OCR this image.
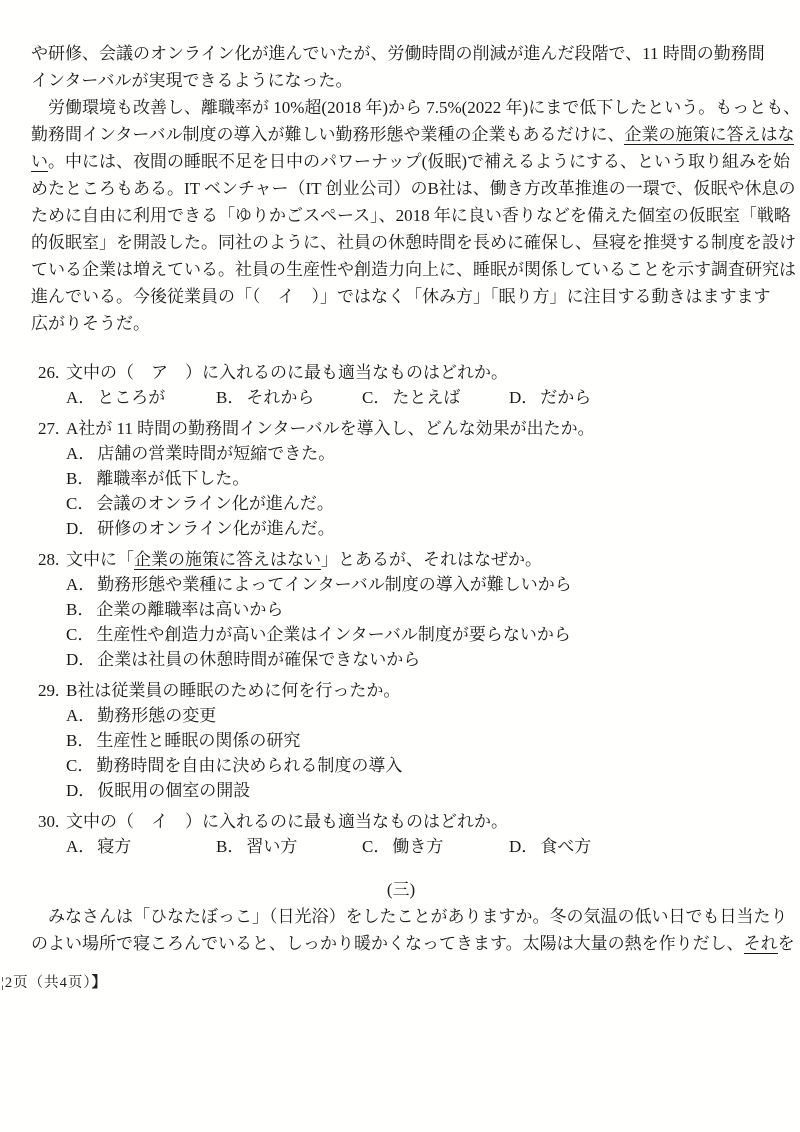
や研修、会議のオンライン化が進んでいたが、労働時間の削減が進んだ段階で、11 時間の勤務間
インターバルが実現できるようになった。
　労働環境も改善し、離職率が 10%超(2018 年)から 7.5%(2022 年)にまで低下したという。もっとも、
勤務間インターバル制度の導入が難しい勤務形態や業種の企業もあるだけに、企業の施策に答えはな
い。中には、夜間の睡眠不足を日中のパワーナップ(仮眠)で補えるようにする、という取り組みを始
めたところもある。IT ベンチャー（IT 创业公司）のB社は、働き方改革推進の一環で、仮眠や休息の
ために自由に利用できる「ゆりかごスペース」、2018 年に良い香りなどを備えた個室の仮眠室「戦略
的仮眠室」を開設した。同社のように、社員の休憩時間を長めに確保し、昼寝を推奨する制度を設け
ている企業は増えている。社員の生産性や創造力向上に、睡眠が関係していることを示す調査研究は
進んでいる。今後従業員の「（　イ　）」ではなく「休み方」「眠り方」に注目する動きはますます
広がりそうだ。
26. 文中の（　ア　）に入れるのに最も適当なものはどれか。
A． ところが	B． それから	C． たとえば	D． だから
27. A社が 11 時間の勤務間インターバルを導入し、どんな効果が出たか。
A． 店舗の営業時間が短縮できた。
B． 離職率が低下した。
C． 会議のオンライン化が進んだ。
D． 研修のオンライン化が進んだ。
28. 文中に「企業の施策に答えはない」とあるが、それはなぜか。
A． 勤務形態や業種によってインターバル制度の導入が難しいから
B． 企業の離職率は高いから
C． 生産性や創造力が高い企業はインターバル制度が要らないから
D． 企業は社員の休憩時間が確保できないから
29. B社は従業員の睡眠のために何を行ったか。
A． 勤務形態の変更
B． 生産性と睡眠の関係の研究
C． 勤務時間を自由に決められる制度の導入
D． 仮眠用の個室の開設
30. 文中の（　イ　）に入れるのに最も適当なものはどれか。
A． 寝方	B． 習い方	C． 働き方	D． 食べ方
(三)
　みなさんは「ひなたぼっこ」（日光浴）をしたことがありますか。冬の気温の低い日でも日当たり
のよい場所で寝ころんでいると、しっかり暖かくなってきます。太陽は大量の熱を作りだし、それを
¦2页（共4页）】
